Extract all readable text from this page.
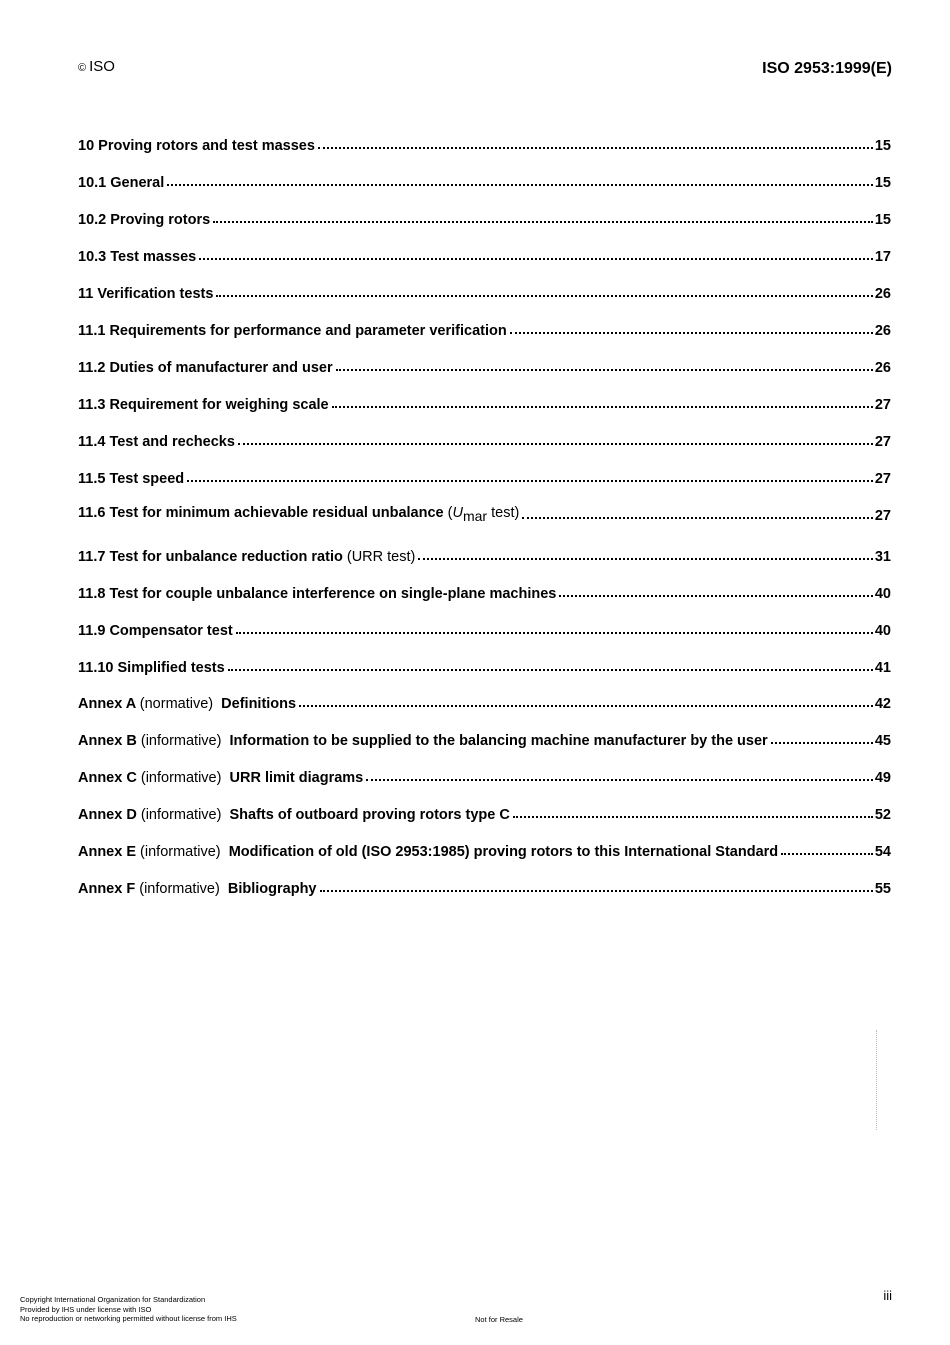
© ISO	ISO 2953:1999(E)
10 Proving rotors and test masses	15
10.1 General	15
10.2 Proving rotors	15
10.3 Test masses	17
11 Verification tests	26
11.1 Requirements for performance and parameter verification	26
11.2 Duties of manufacturer and user	26
11.3 Requirement for weighing scale	27
11.4 Test and rechecks	27
11.5 Test speed	27
11.6 Test for minimum achievable residual unbalance ($U_{mar}$ test)	27
11.7 Test for unbalance reduction ratio (URR test)	31
11.8 Test for couple unbalance interference on single-plane machines	40
11.9 Compensator test	40
11.10 Simplified tests	41
Annex A (normative) Definitions	42
Annex B (informative) Information to be supplied to the balancing machine manufacturer by the user	45
Annex C (informative) URR limit diagrams	49
Annex D (informative) Shafts of outboard proving rotors type C	52
Annex E (informative) Modification of old (ISO 2953:1985) proving rotors to this International Standard	54
Annex F (informative) Bibliography	55
iii
Copyright International Organization for Standardization
Provided by IHS under license with ISO
No reproduction or networking permitted without license from IHS	Not for Resale
